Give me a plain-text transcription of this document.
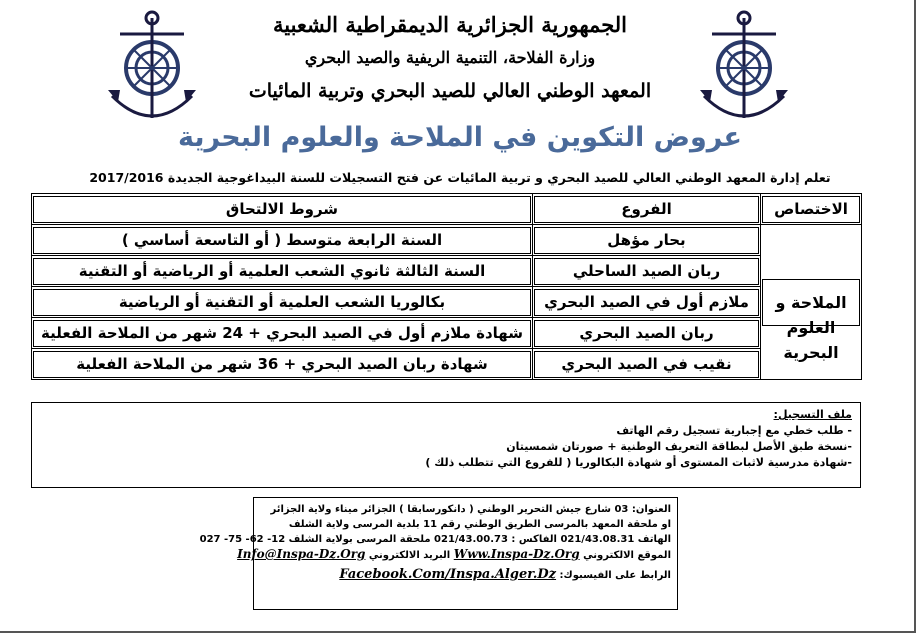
الجمهورية الجزائرية الديمقراطية الشعبية
وزارة الفلاحة، التنمية الريفية والصيد البحري
المعهد الوطني العالي للصيد البحري وتربية المائيات
عروض التكوين في الملاحة والعلوم البحرية
تعلم إدارة المعهد الوطني العالي للصيد البحري و تربية المائيات عن فتح التسجيلات للسنة البيداغوجية الجديدة 2017/2016
الاختصاص	الفروع	شروط الالتحاق

الملاحة و العلوم البحرية	بحار مؤهل	السنة الرابعة متوسط ( أو التاسعة أساسي )

	ربان الصيد الساحلي	السنة الثالثة ثانوي الشعب العلمية أو الرياضية أو التقنية

	ملازم أول في الصيد البحري	بكالوريا الشعب العلمية أو التقنية أو الرياضية

	ربان الصيد البحري	شهادة ملازم أول في الصيد البحري + 24 شهر من الملاحة الفعلية

	نقيب في الصيد البحري	شهادة ربان الصيد البحري + 36 شهر من الملاحة الفعلية
ملف التسجيل:
- طلب خطي مع إجبارية تسجيل رقم الهاتف
-نسخة طبق الأصل لبطاقة التعريف الوطنية + صورتان شمسيتان
-شهادة مدرسية لاثبات المستوى أو شهادة البكالوريا ( للفروع التي تتطلب ذلك )
العنوان: 03 شارع جيش التحرير الوطني ( دانكورسابقا ) الجزائر ميناء ولاية الجزائر
او ملحقة المعهد بالمرسى الطريق الوطني رقم 11 بلدية المرسى ولاية الشلف
الهاتف 021/43.08.31 الفاكس : 021/43.00.73 ملحقة المرسى بولاية الشلف 12- 62- 75- 027
الموقع الالكتروني Www.Inspa-Dz.Org البريد الالكتروني Info@Inspa-Dz.Org
الرابط على الفيسبوك: Facebook.Com/Inspa.Alger.Dz
